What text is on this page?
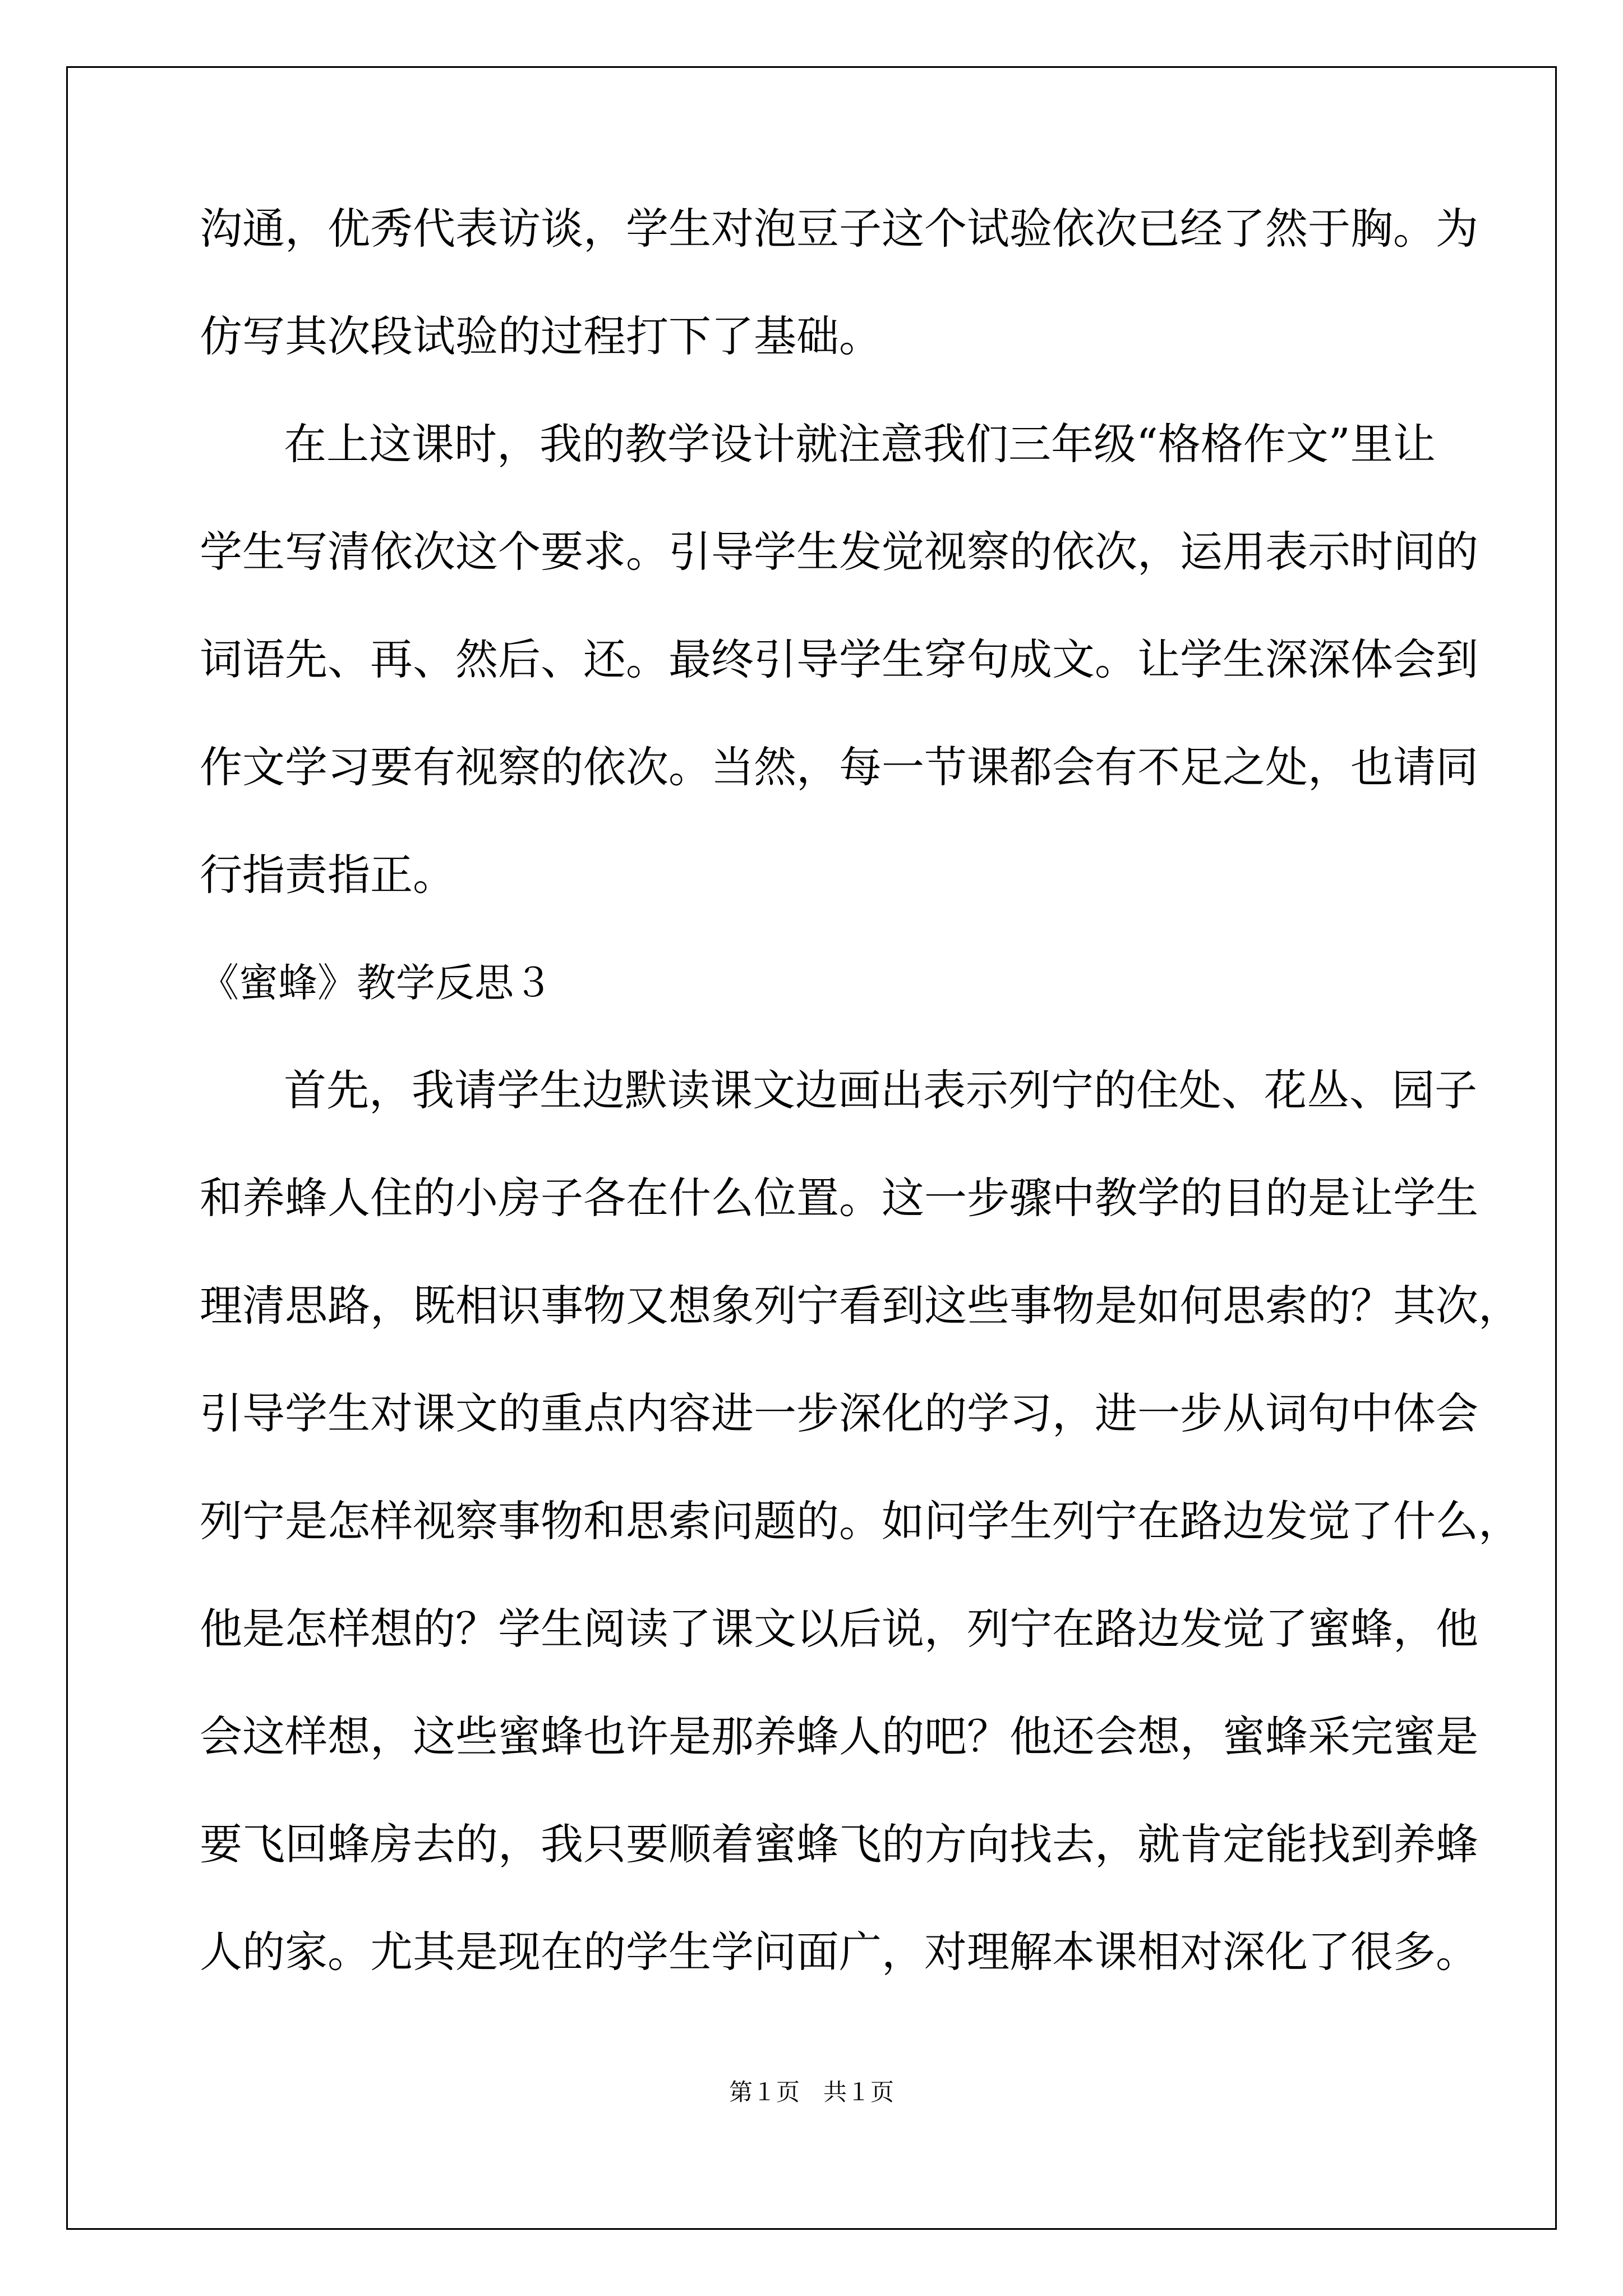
沟通，优秀代表访谈，学生对泡豆子这个试验依次已经了然于胸。为
仿写其次段试验的过程打下了基础。
在上这课时，我的教学设计就注意我们三年级“格格作文”里让
学生写清依次这个要求。引导学生发觉视察的依次，运用表示时间的
词语先、再、然后、还。最终引导学生穿句成文。让学生深深体会到
作文学习要有视察的依次。当然，每一节课都会有不足之处，也请同
行指责指正。
《蜜蜂》教学反思３
首先，我请学生边默读课文边画出表示列宁的住处、花丛、园子
和养蜂人住的小房子各在什么位置。这一步骤中教学的目的是让学生
理清思路，既相识事物又想象列宁看到这些事物是如何思索的？其次，
引导学生对课文的重点内容进一步深化的学习，进一步从词句中体会
列宁是怎样视察事物和思索问题的。如问学生列宁在路边发觉了什么，
他是怎样想的？学生阅读了课文以后说，列宁在路边发觉了蜜蜂，他
会这样想，这些蜜蜂也许是那养蜂人的吧？他还会想，蜜蜂采完蜜是
要飞回蜂房去的，我只要顺着蜜蜂飞的方向找去，就肯定能找到养蜂
人的家。尤其是现在的学生学问面广，对理解本课相对深化了很多。
第１页　共１页
